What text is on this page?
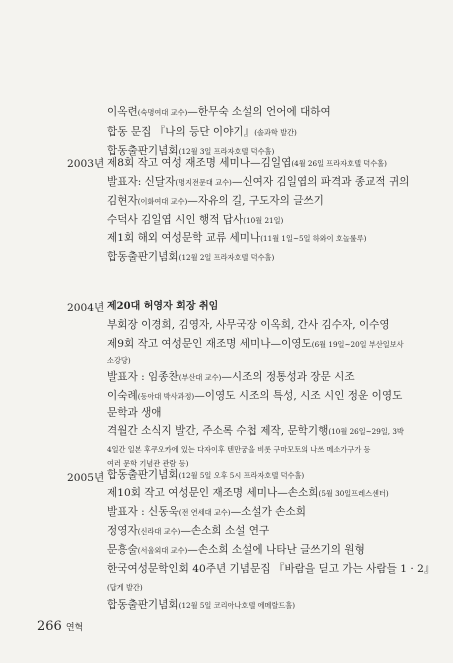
2003년
2004년
2005년
이옥련(숙명여대 교수)—한무숙 소설의 언어에 대하여
합동 문집 『나의 등단 이야기』(솔과학 발간)
합동출판기념회(12월 3일 프라자호텔 덕수홀)
제8회 작고 여성 재조명 세미나—김일엽(4월 26일 프라자호텔 덕수홀)
발표자: 신달자(명지전문대 교수)—신여자 김일엽의 파격과 종교적 귀의
김현자(이화여대 교수)—자유의 길, 구도자의 글쓰기
수덕사 김일엽 시인 행적 답사(10월 21일)
제1회 해외 여성문학 교류 세미나(11월 1일~5일 하와이 호놀룰루)
합동출판기념회(12월 2일 프라자호텔 덕수홀)
제20대 허영자 회장 취임
부회장 이경희, 김영자, 사무국장 이옥희, 간사 김수자, 이수영
제9회 작고 여성문인 재조명 세미나—이영도(6월 19일~20일 부산일보사
소강당)
발표자 : 임종찬(부산대 교수)—시조의 정통성과 장문 시조
이숙례(동아대 박사과정)—이영도 시조의 특성, 시조 시인 정운 이영도
문학과 생애
격월간 소식지 발간, 주소록 수첩 제작, 문학기행(10월 26일~29일, 3박
4일간 일본 후쿠오카에 있는 다자이후 텐만궁을 비롯 구마모토의 나쓰 메소가구가 등
여러 문학 기념관 관람 등)
합동출판기념회(12월 5일 오후 5시 프라자호텔 덕수홀)
제10회 작고 여성문인 재조명 세미나—손소희(5월 30일프레스센터)
발표자 : 신동욱(전 연세대 교수)—소설가 손소희
정영자(신라대 교수)—손소희 소설 연구
문흥술(서울외대 교수)—손소희 소설에 나타난 글쓰기의 원형
한국여성문학인회 40주년 기념문집 『바람을 딛고 가는 사람들 1 · 2』
(답게 발간)
합동출판기념회(12월 5일 코리아나호텔 에메랄드홀)
266 연혁
